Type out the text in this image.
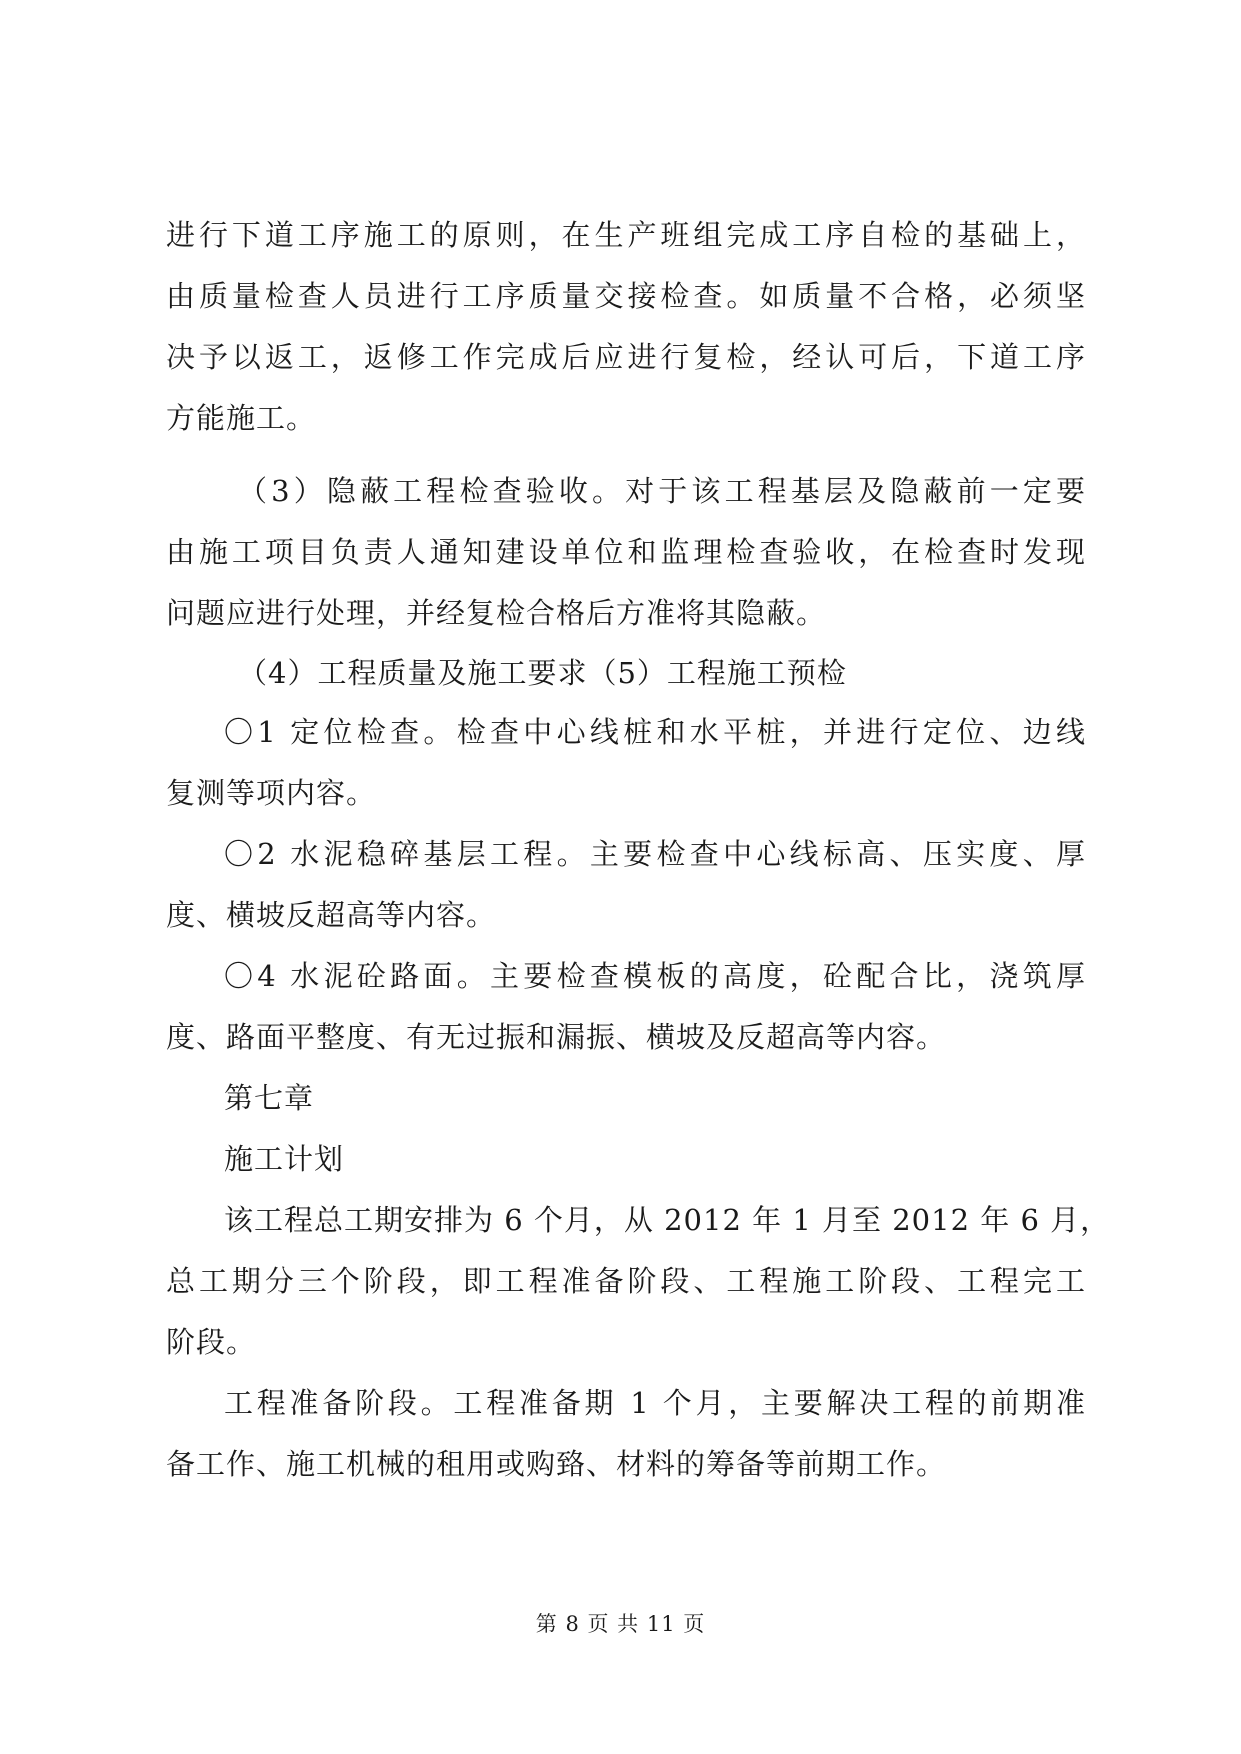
进行下道工序施工的原则，在生产班组完成工序自检的基础上，
由质量检查人员进行工序质量交接检查。如质量不合格，必须坚
决予以返工，返修工作完成后应进行复检，经认可后，下道工序
方能施工。
（3）隐蔽工程检查验收。对于该工程基层及隐蔽前一定要
由施工项目负责人通知建设单位和监理检查验收，在检查时发现
问题应进行处理，并经复检合格后方准将其隐蔽。
（4）工程质量及施工要求（5）工程施工预检
〇1 定位检查。检查中心线桩和水平桩，并进行定位、边线
复测等项内容。
〇2 水泥稳碎基层工程。主要检查中心线标高、压实度、厚
度、横坡反超高等内容。
〇4 水泥砼路面。主要检查模板的高度，砼配合比，浇筑厚
度、路面平整度、有无过振和漏振、横坡及反超高等内容。
第七章
施工计划
该工程总工期安排为 6 个月，从 2012 年 1 月至 2012 年 6 月，
总工期分三个阶段，即工程准备阶段、工程施工阶段、工程完工
阶段。
工程准备阶段。工程准备期 1 个月，主要解决工程的前期准
备工作、施工机械的租用或购臵、材料的筹备等前期工作。
第 8 页 共 11 页
